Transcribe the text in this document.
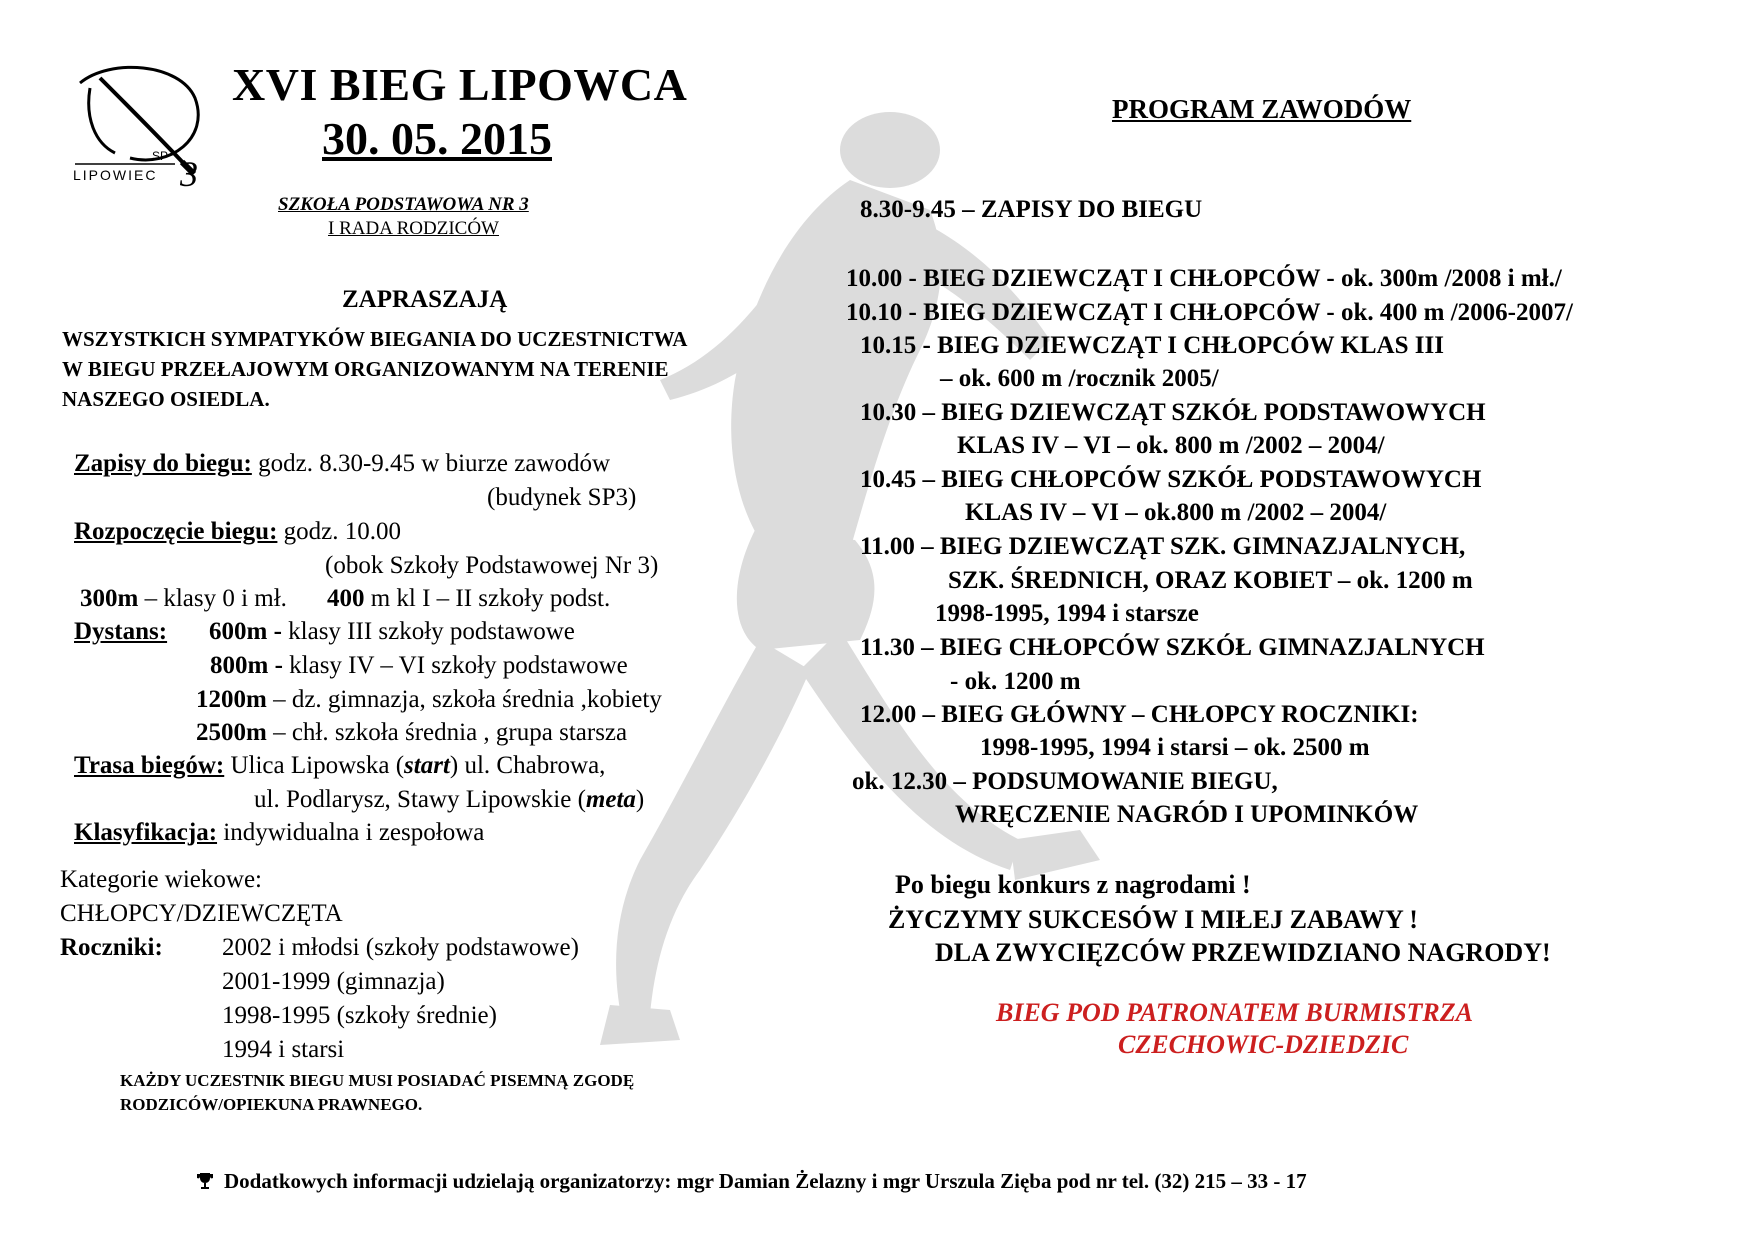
SP
LIPOWIEC 3
XVI BIEG LIPOWCA
30. 05. 2015
SZKOŁA PODSTAWOWA NR 3
I RADA RODZICÓW
ZAPRASZAJĄ
WSZYSTKICH SYMPATYKÓW BIEGANIA DO UCZESTNICTWA
W BIEGU PRZEŁAJOWYM ORGANIZOWANYM NA TERENIE
NASZEGO OSIEDLA.
Zapisy do biegu: godz. 8.30-9.45 w biurze zawodów
(budynek SP3)
Rozpoczęcie biegu: godz. 10.00
(obok Szkoły Podstawowej Nr 3)
300m – klasy 0 i mł. 400 m kl I – II szkoły podst.
Dystans: 600m - klasy III szkoły podstawowe
800m - klasy IV – VI szkoły podstawowe
1200m – dz. gimnazja, szkoła średnia ,kobiety
2500m – chł. szkoła średnia , grupa starsza
Trasa biegów: Ulica Lipowska (start) ul. Chabrowa,
ul. Podlarysz, Stawy Lipowskie (meta)
Klasyfikacja: indywidualna i zespołowa
Kategorie wiekowe:
CHŁOPCY/DZIEWCZĘTA
Roczniki: 2002 i młodsi (szkoły podstawowe)
2001-1999 (gimnazja)
1998-1995 (szkoły średnie)
1994 i starsi
KAŻDY UCZESTNIK BIEGU MUSI POSIADAĆ PISEMNĄ ZGODĘ
RODZICÓW/OPIEKUNA PRAWNEGO.
PROGRAM ZAWODÓW
8.30-9.45 – ZAPISY DO BIEGU
10.00 - BIEG DZIEWCZĄT I CHŁOPCÓW - ok. 300m /2008 i mł./
10.10 - BIEG DZIEWCZĄT I CHŁOPCÓW - ok. 400 m /2006-2007/
10.15 - BIEG DZIEWCZĄT I CHŁOPCÓW KLAS III
– ok. 600 m /rocznik 2005/
10.30 – BIEG DZIEWCZĄT SZKÓŁ PODSTAWOWYCH
KLAS IV – VI – ok. 800 m /2002 – 2004/
10.45 – BIEG CHŁOPCÓW SZKÓŁ PODSTAWOWYCH
KLAS IV – VI – ok.800 m /2002 – 2004/
11.00 – BIEG DZIEWCZĄT SZK. GIMNAZJALNYCH,
SZK. ŚREDNICH, ORAZ KOBIET – ok. 1200 m
1998-1995, 1994 i starsze
11.30 – BIEG CHŁOPCÓW SZKÓŁ GIMNAZJALNYCH
- ok. 1200 m
12.00 – BIEG GŁÓWNY – CHŁOPCY ROCZNIKI:
1998-1995, 1994 i starsi – ok. 2500 m
ok. 12.30 – PODSUMOWANIE BIEGU,
WRĘCZENIE NAGRÓD I UPOMINKÓW
Po biegu konkurs z nagrodami !
ŻYCZYMY SUKCESÓW I MIŁEJ ZABAWY !
DLA ZWYCIĘZCÓW PRZEWIDZIANO NAGRODY!
BIEG POD PATRONATEM BURMISTRZA
CZECHOWIC-DZIEDZIC
Dodatkowych informacji udzielają organizatorzy: mgr Damian Żelazny i mgr Urszula Zięba pod nr tel. (32) 215 – 33 - 17
